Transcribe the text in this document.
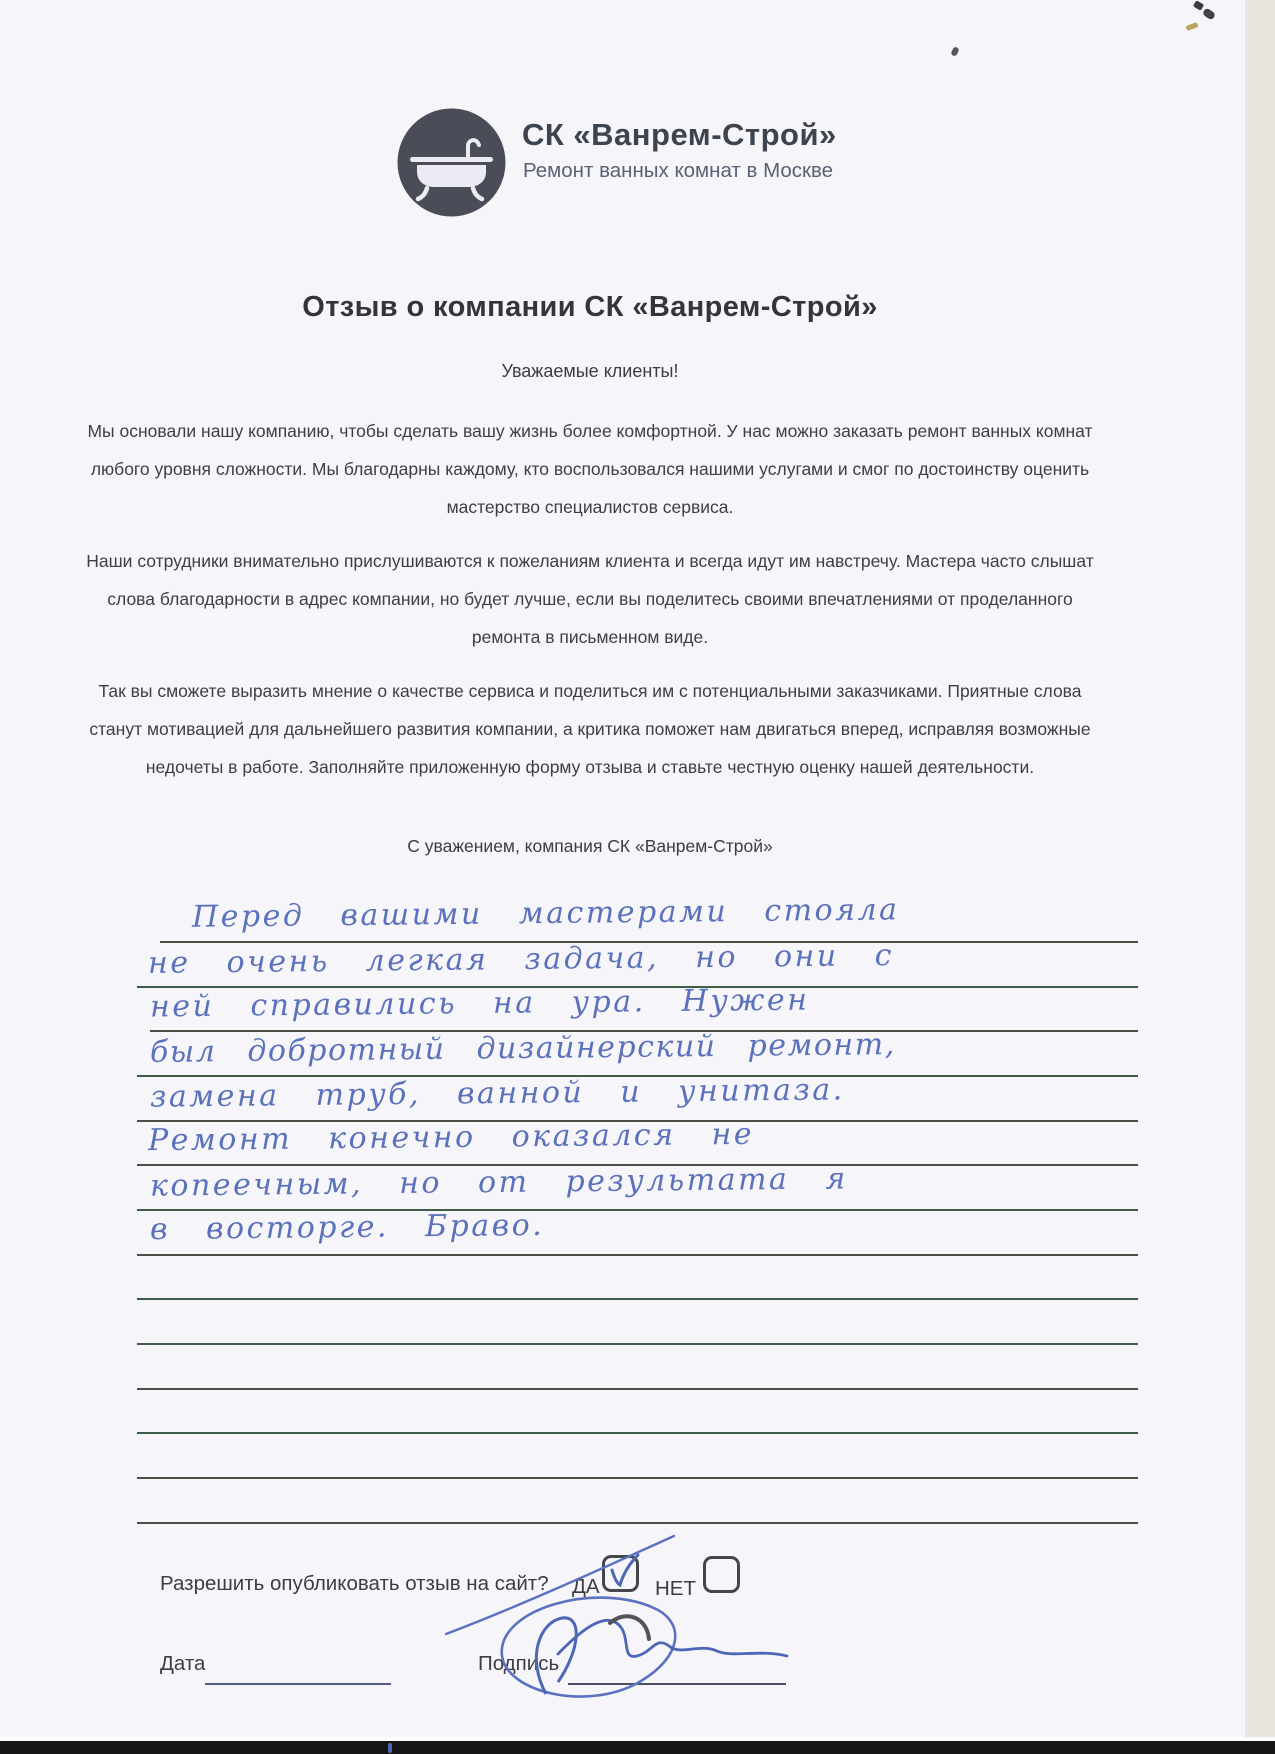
СК «Ванрем-Строй»
Ремонт ванных комнат в Москве
Отзыв о компании СК «Ванрем-Строй»
Уважаемые клиенты!
Мы основали нашу компанию, чтобы сделать вашу жизнь более комфортной. У нас можно заказать ремонт ванных комнат любого уровня сложности. Мы благодарны каждому, кто воспользовался нашими услугами и смог по достоинству оценить мастерство специалистов сервиса.
Наши сотрудники внимательно прислушиваются к пожеланиям клиента и всегда идут им навстречу. Мастера часто слышат слова благодарности в адрес компании, но будет лучше, если вы поделитесь своими впечатлениями от проделанного ремонта в письменном виде.
Так вы сможете выразить мнение о качестве сервиса и поделиться им с потенциальными заказчиками. Приятные слова станут мотивацией для дальнейшего развития компании, а критика поможет нам двигаться вперед, исправляя возможные недочеты в работе. Заполняйте приложенную форму отзыва и ставьте честную оценку нашей деятельности.
С уважением, компания СК «Ванрем-Строй»
Перед вашими мастерами стояла
не очень легкая задача, но они с
ней справились на ура. Нужен
был добротный дизайнерский ремонт,
замена труб, ванной и унитаза.
Ремонт конечно оказался не
копеечным, но от результата я
в восторге. Браво.
Разрешить опубликовать отзыв на сайт? ДА	НЕТ
Дата	Подпись
